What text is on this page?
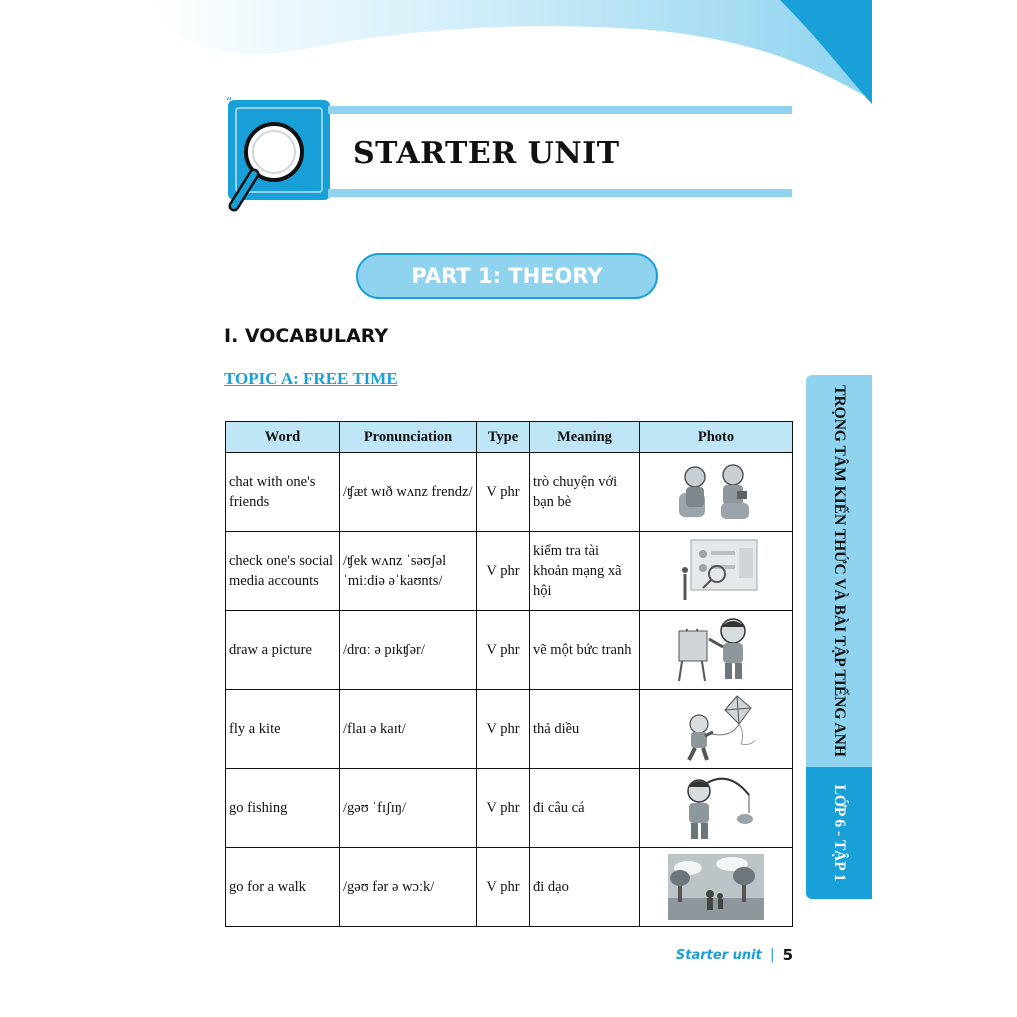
“
”
STARTER UNIT
PART 1: THEORY
I. VOCABULARY
TOPIC A: FREE TIME
Word	Pronunciation	Type	Meaning	Photo
chat with one's friends	/ʧæt wɪð wʌnz frendz/	V phr	trò chuyện với bạn bè	

check one's social media accounts	/ʧek wʌnz ˈsəʊʃəl ˈmiːdiə əˈkaʊnts/	V phr	kiểm tra tài khoản mạng xã hội	

draw a picture	/drɑː ə pɪkʧər/	V phr	vẽ một bức tranh	

fly a kite	/flaɪ ə kaɪt/	V phr	thả diều	

go fishing	/gəʊ ˈfɪʃɪŋ/	V phr	đi câu cá	

go for a walk	/gəʊ fər ə wɔːk/	V phr	đi dạo	
TRỌNG TÂM KIẾN THỨC VÀ BÀI TẬP TIẾNG ANH
LỚP 6 - TẬP 1
Starter unit | 5
